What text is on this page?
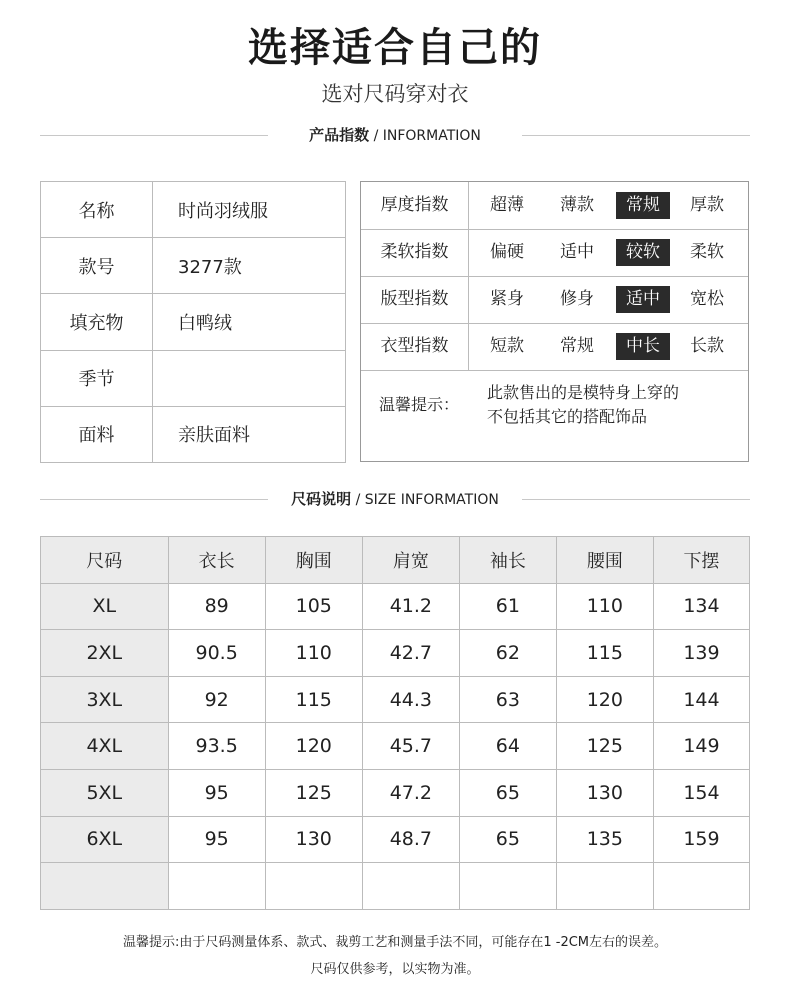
选择适合自己的
选对尺码穿对衣
产品指数 / INFORMATION
名称	时尚羽绒服
款号	3277款
填充物	白鸭绒
季节	
面料	亲肤面料
厚度指数	超薄	薄款	常规	厚款
柔软指数	偏硬	适中	较软	柔软
版型指数	紧身	修身	适中	宽松
衣型指数	短款	常规	中长	长款
温馨提示：
此款售出的是模特身上穿的
不包括其它的搭配饰品
尺码说明 / SIZE INFORMATION
尺码	衣长	胸围	肩宽	袖长	腰围	下摆
XL	89	105	41.2	61	110	134
2XL	90.5	110	42.7	62	115	139
3XL	92	115	44.3	63	120	144
4XL	93.5	120	45.7	64	125	149
5XL	95	125	47.2	65	130	154
6XL	95	130	48.7	65	135	159

温馨提示:由于尺码测量体系、款式、裁剪工艺和测量手法不同，可能存在1 -2CM左右的误差。
尺码仅供参考，以实物为准。
